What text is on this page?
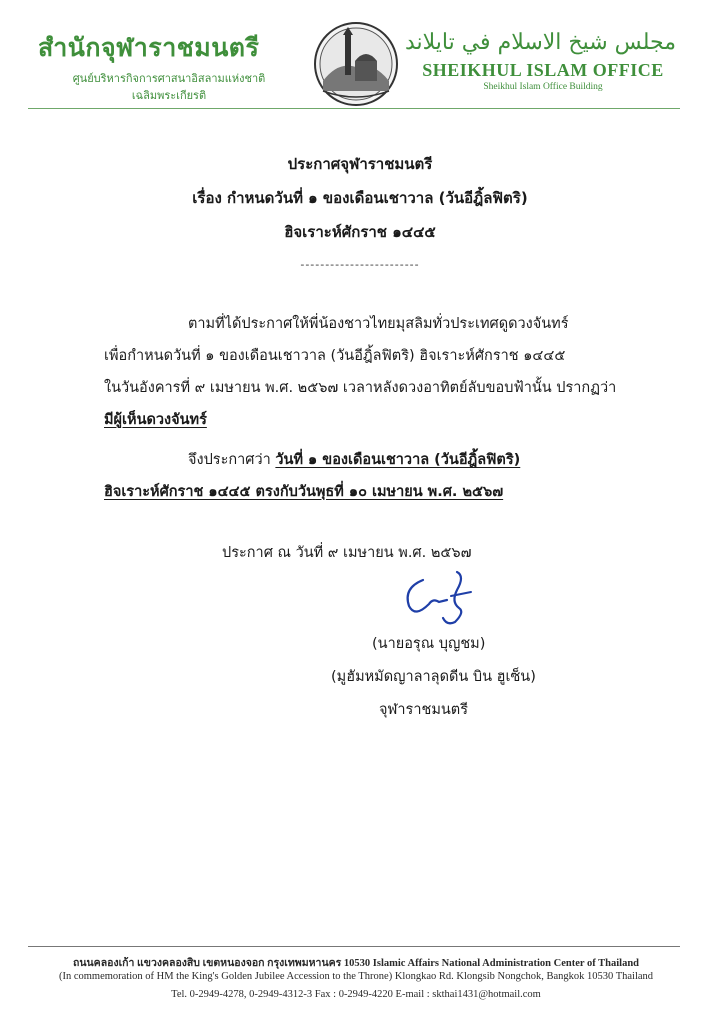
สำนักจุฬาราชมนตรี
ศูนย์บริหารกิจการศาสนาอิสลามแห่งชาติ
เฉลิมพระเกียรติ
مجلس شيخ الاسلام في تايلاند
SHEIKHUL ISLAM OFFICE
Sheikhul Islam Office Building
ประกาศจุฬาราชมนตรี
เรื่อง กำหนดวันที่ ๑ ของเดือนเชาวาล (วันอีฎิ้ลฟิตริ)
ฮิจเราะห์ศักราช ๑๔๔๕
------------------------
ตามที่ได้ประกาศให้พี่น้องชาวไทยมุสลิมทั่วประเทศดูดวงจันทร์
เพื่อกำหนดวันที่ ๑ ของเดือนเชาวาล (วันอีฎิ้ลฟิตริ) ฮิจเราะห์ศักราช ๑๔๔๕
ในวันอังคารที่ ๙ เมษายน พ.ศ. ๒๕๖๗ เวลาหลังดวงอาทิตย์ลับขอบฟ้านั้น ปรากฏว่า
มีผู้เห็นดวงจันทร์
จึงประกาศว่า วันที่ ๑ ของเดือนเชาวาล (วันอีฎิ้ลฟิตริ)
ฮิจเราะห์ศักราช ๑๔๔๕ ตรงกับวันพุธที่ ๑๐ เมษายน พ.ศ. ๒๕๖๗
ประกาศ ณ วันที่ ๙ เมษายน พ.ศ. ๒๕๖๗
(นายอรุณ บุญชม)
(มูฮัมหมัดญาลาลุดดีน บิน ฮูเซ็น)
จุฬาราชมนตรี
ถนนคลองเก้า แขวงคลองสิบ เขตหนองจอก กรุงเทพมหานคร 10530 Islamic Affairs National Administration Center of Thailand
(In commemoration of HM the King's Golden Jubilee Accession to the Throne) Klongkao Rd. Klongsib Nongchok, Bangkok 10530 Thailand
Tel. 0-2949-4278, 0-2949-4312-3 Fax : 0-2949-4220 E-mail : skthai1431@hotmail.com
